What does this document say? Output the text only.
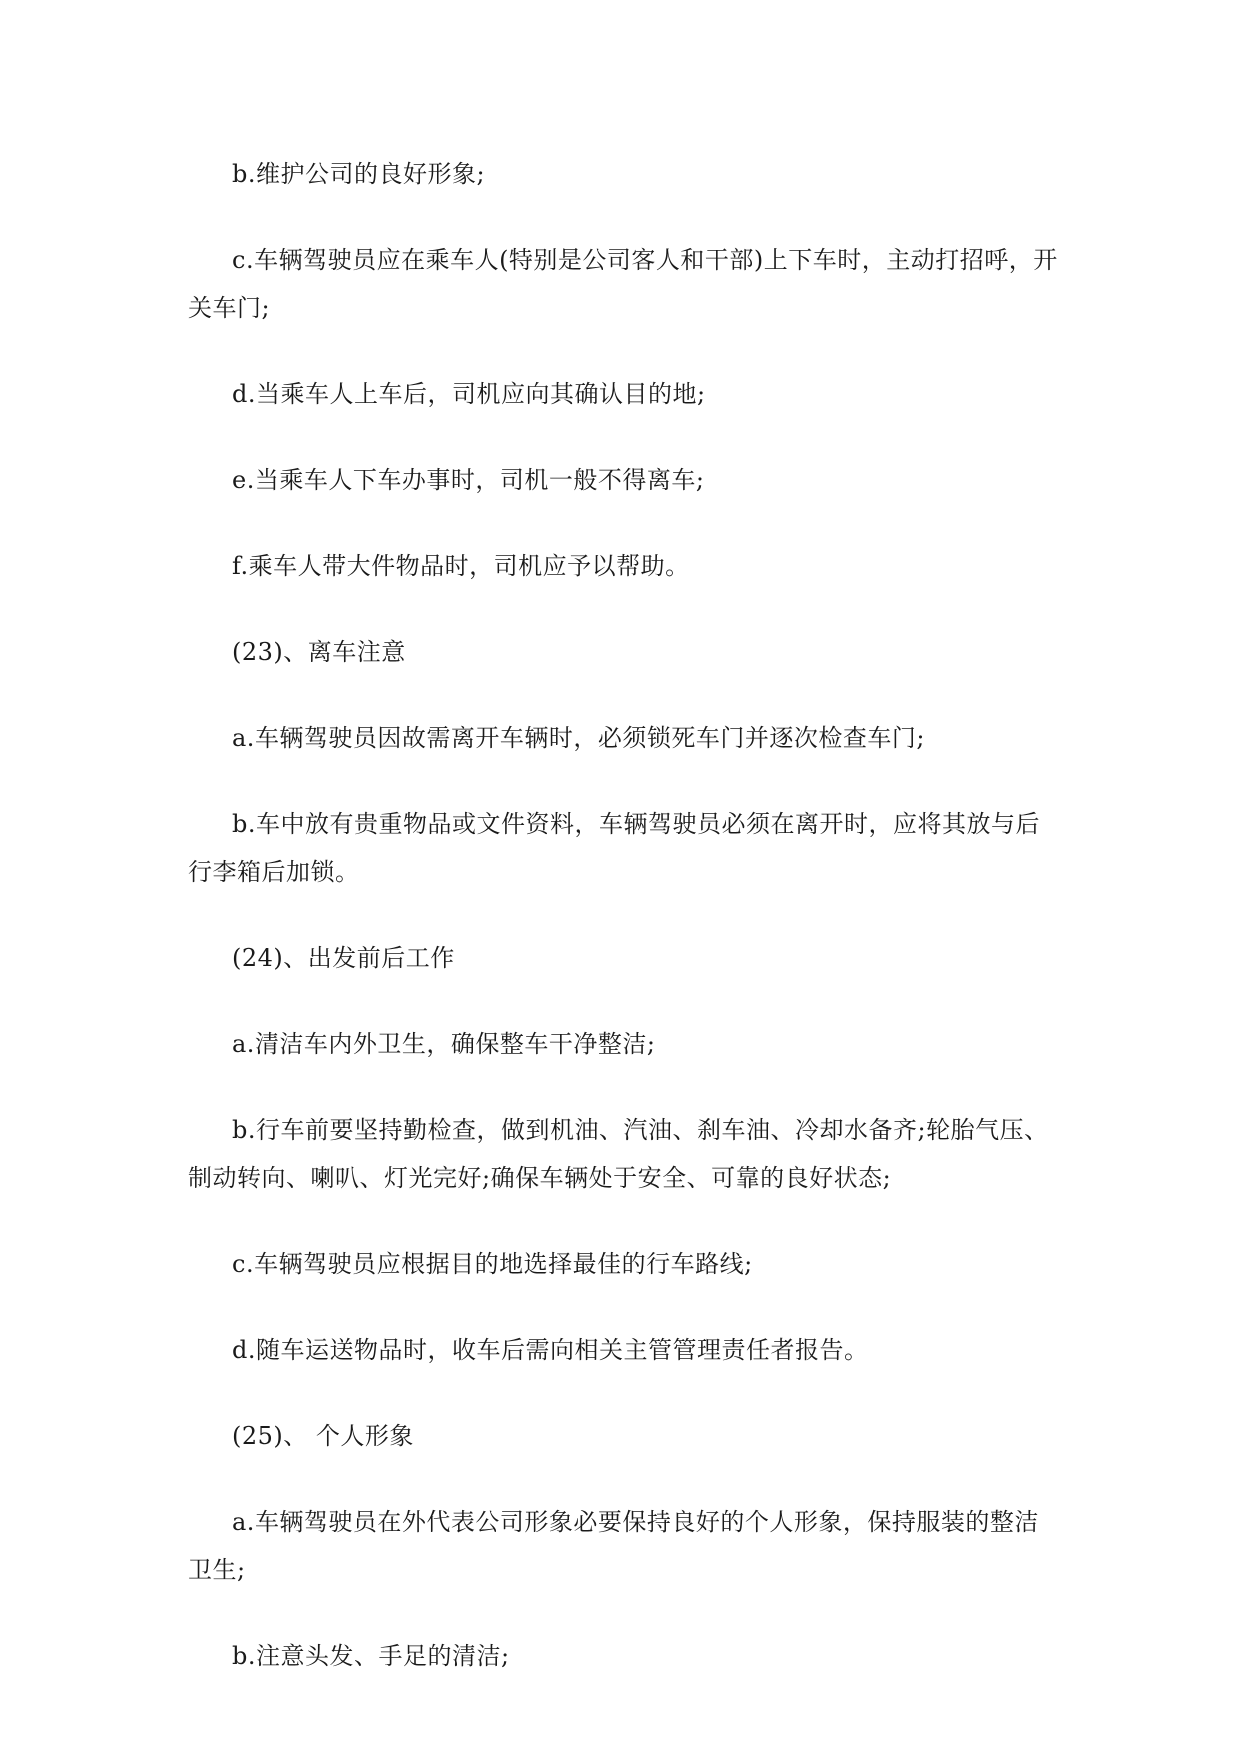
b.维护公司的良好形象;

c.车辆驾驶员应在乘车人(特别是公司客人和干部)上下车时，主动打招呼，开关车门;

d.当乘车人上车后，司机应向其确认目的地;

e.当乘车人下车办事时，司机一般不得离车;

f.乘车人带大件物品时，司机应予以帮助。

(23)、离车注意

a.车辆驾驶员因故需离开车辆时，必须锁死车门并逐次检查车门;

b.车中放有贵重物品或文件资料，车辆驾驶员必须在离开时，应将其放与后行李箱后加锁。

(24)、出发前后工作

a.清洁车内外卫生，确保整车干净整洁;

b.行车前要坚持勤检查，做到机油、汽油、刹车油、冷却水备齐;轮胎气压、制动转向、喇叭、灯光完好;确保车辆处于安全、可靠的良好状态;

c.车辆驾驶员应根据目的地选择最佳的行车路线;

d.随车运送物品时，收车后需向相关主管管理责任者报告。

(25)、 个人形象

a.车辆驾驶员在外代表公司形象必要保持良好的个人形象，保持服装的整洁卫生;

b.注意头发、手足的清洁;
